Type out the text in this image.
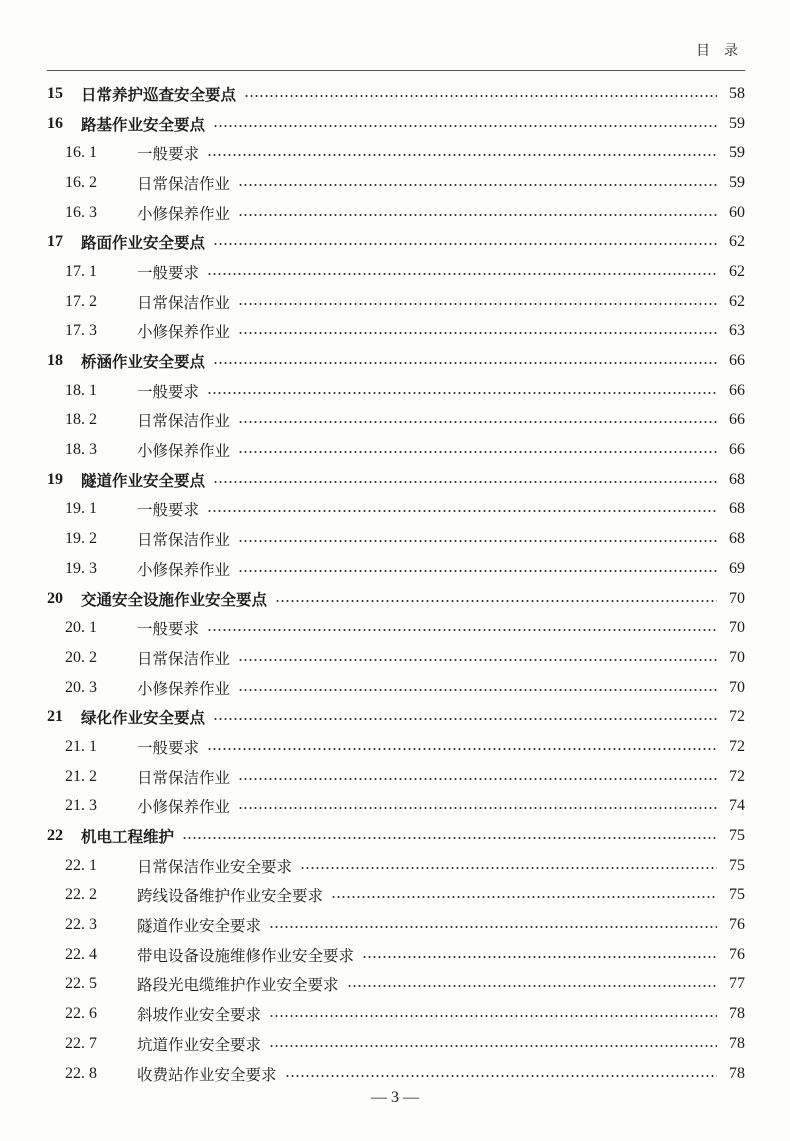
目　录
15	日常养护巡查安全要点	58
16	路基作业安全要点	59
16. 1	一般要求	59
16. 2	日常保洁作业	59
16. 3	小修保养作业	60
17	路面作业安全要点	62
17. 1	一般要求	62
17. 2	日常保洁作业	62
17. 3	小修保养作业	63
18	桥涵作业安全要点	66
18. 1	一般要求	66
18. 2	日常保洁作业	66
18. 3	小修保养作业	66
19	隧道作业安全要点	68
19. 1	一般要求	68
19. 2	日常保洁作业	68
19. 3	小修保养作业	69
20	交通安全设施作业安全要点	70
20. 1	一般要求	70
20. 2	日常保洁作业	70
20. 3	小修保养作业	70
21	绿化作业安全要点	72
21. 1	一般要求	72
21. 2	日常保洁作业	72
21. 3	小修保养作业	74
22	机电工程维护	75
22. 1	日常保洁作业安全要求	75
22. 2	跨线设备维护作业安全要求	75
22. 3	隧道作业安全要求	76
22. 4	带电设备设施维修作业安全要求	76
22. 5	路段光电缆维护作业安全要求	77
22. 6	斜坡作业安全要求	78
22. 7	坑道作业安全要求	78
22. 8	收费站作业安全要求	78
— 3 —
